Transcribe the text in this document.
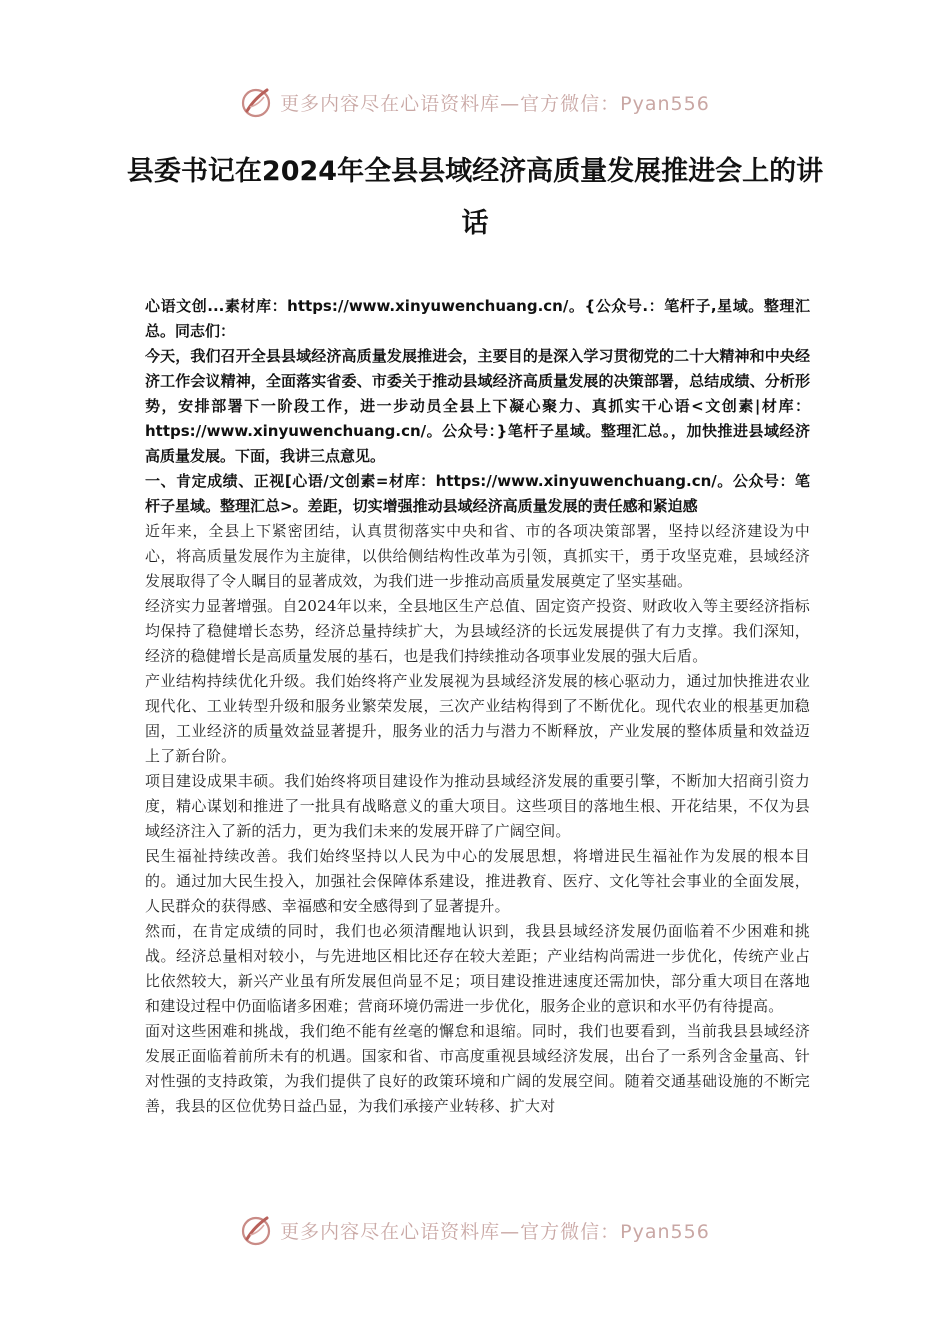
更多内容尽在心语资料库—官方微信：Pyan556
县委书记在2024年全县县域经济高质量发展推进会上的讲话

心语文创...素材库：https://www.xinyuwenchuang.cn/。{公众号.：笔杆子,星域。整理汇总。同志们：

今天，我们召开全县县域经济高质量发展推进会，主要目的是深入学习贯彻党的二十大精神和中央经济工作会议精神，全面落实省委、市委关于推动县域经济高质量发展的决策部署，总结成绩、分析形势，安排部署下一阶段工作，进一步动员全县上下凝心聚力、真抓实干心语<文创素|材库：https://www.xinyuwenchuang.cn/。公众号：}笔杆子星域。整理汇总。，加快推进县域经济高质量发展。下面，我讲三点意见。

一、肯定成绩、正视[心语/文创素=材库：https://www.xinyuwenchuang.cn/。公众号：笔杆子星域。整理汇总>。差距，切实增强推动县域经济高质量发展的责任感和紧迫感

近年来，全县上下紧密团结，认真贯彻落实中央和省、市的各项决策部署，坚持以经济建设为中心，将高质量发展作为主旋律，以供给侧结构性改革为引领，真抓实干，勇于攻坚克难，县域经济发展取得了令人瞩目的显著成效，为我们进一步推动高质量发展奠定了坚实基础。

经济实力显著增强。自2024年以来，全县地区生产总值、固定资产投资、财政收入等主要经济指标均保持了稳健增长态势，经济总量持续扩大，为县域经济的长远发展提供了有力支撑。我们深知，经济的稳健增长是高质量发展的基石，也是我们持续推动各项事业发展的强大后盾。

产业结构持续优化升级。我们始终将产业发展视为县域经济发展的核心驱动力，通过加快推进农业现代化、工业转型升级和服务业繁荣发展，三次产业结构得到了不断优化。现代农业的根基更加稳固，工业经济的质量效益显著提升，服务业的活力与潜力不断释放，产业发展的整体质量和效益迈上了新台阶。

项目建设成果丰硕。我们始终将项目建设作为推动县域经济发展的重要引擎，不断加大招商引资力度，精心谋划和推进了一批具有战略意义的重大项目。这些项目的落地生根、开花结果，不仅为县域经济注入了新的活力，更为我们未来的发展开辟了广阔空间。

民生福祉持续改善。我们始终坚持以人民为中心的发展思想，将增进民生福祉作为发展的根本目的。通过加大民生投入，加强社会保障体系建设，推进教育、医疗、文化等社会事业的全面发展，人民群众的获得感、幸福感和安全感得到了显著提升。

然而，在肯定成绩的同时，我们也必须清醒地认识到，我县县域经济发展仍面临着不少困难和挑战。经济总量相对较小，与先进地区相比还存在较大差距；产业结构尚需进一步优化，传统产业占比依然较大，新兴产业虽有所发展但尚显不足；项目建设推进速度还需加快，部分重大项目在落地和建设过程中仍面临诸多困难；营商环境仍需进一步优化，服务企业的意识和水平仍有待提高。

面对这些困难和挑战，我们绝不能有丝毫的懈怠和退缩。同时，我们也要看到，当前我县县域经济发展正面临着前所未有的机遇。国家和省、市高度重视县域经济发展，出台了一系列含金量高、针对性强的支持政策，为我们提供了良好的政策环境和广阔的发展空间。随着交通基础设施的不断完善，我县的区位优势日益凸显，为我们承接产业转移、扩大对

更多内容尽在心语资料库—官方微信：Pyan556
